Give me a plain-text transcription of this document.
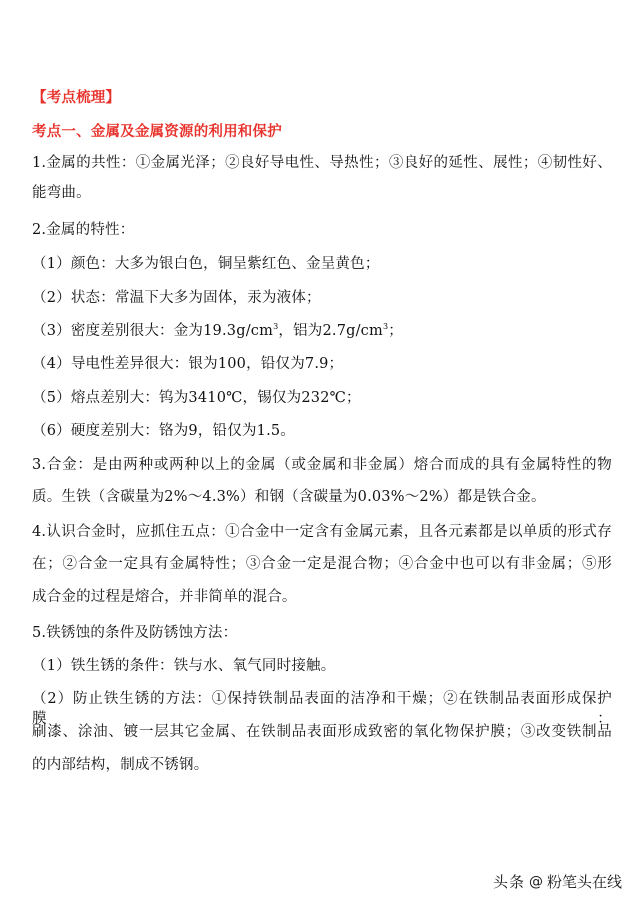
【考点梳理】
考点一、金属及金属资源的利用和保护
1.金属的共性：①金属光泽；②良好导电性、导热性；③良好的延性、展性；④韧性好、
能弯曲。
2.金属的特性：
（1）颜色：大多为银白色，铜呈紫红色、金呈黄色；
（2）状态：常温下大多为固体，汞为液体；
（3）密度差别很大：金为$19.3g/cm^3$，铝为$2.7g/cm^3$；
（4）导电性差异很大：银为100，铅仅为7.9；
（5）熔点差别大：钨为3410℃，锡仅为232℃；
（6）硬度差别大：铬为9，铅仅为1.5。
3.合金：是由两种或两种以上的金属（或金属和非金属）熔合而成的具有金属特性的物
质。生铁（含碳量为2%～4.3%）和钢（含碳量为0.03%～2%）都是铁合金。
4.认识合金时，应抓住五点：①合金中一定含有金属元素，且各元素都是以单质的形式存
在；②合金一定具有金属特性；③合金一定是混合物；④合金中也可以有非金属；⑤形
成合金的过程是熔合，并非简单的混合。
5.铁锈蚀的条件及防锈蚀方法：
（1）铁生锈的条件：铁与水、氧气同时接触。
（2）防止铁生锈的方法：①保持铁制品表面的洁净和干燥；②在铁制品表面形成保护膜：
刷漆、涂油、镀一层其它金属、在铁制品表面形成致密的氧化物保护膜；③改变铁制品
的内部结构，制成不锈钢。
头条 @ 粉笔头在线
